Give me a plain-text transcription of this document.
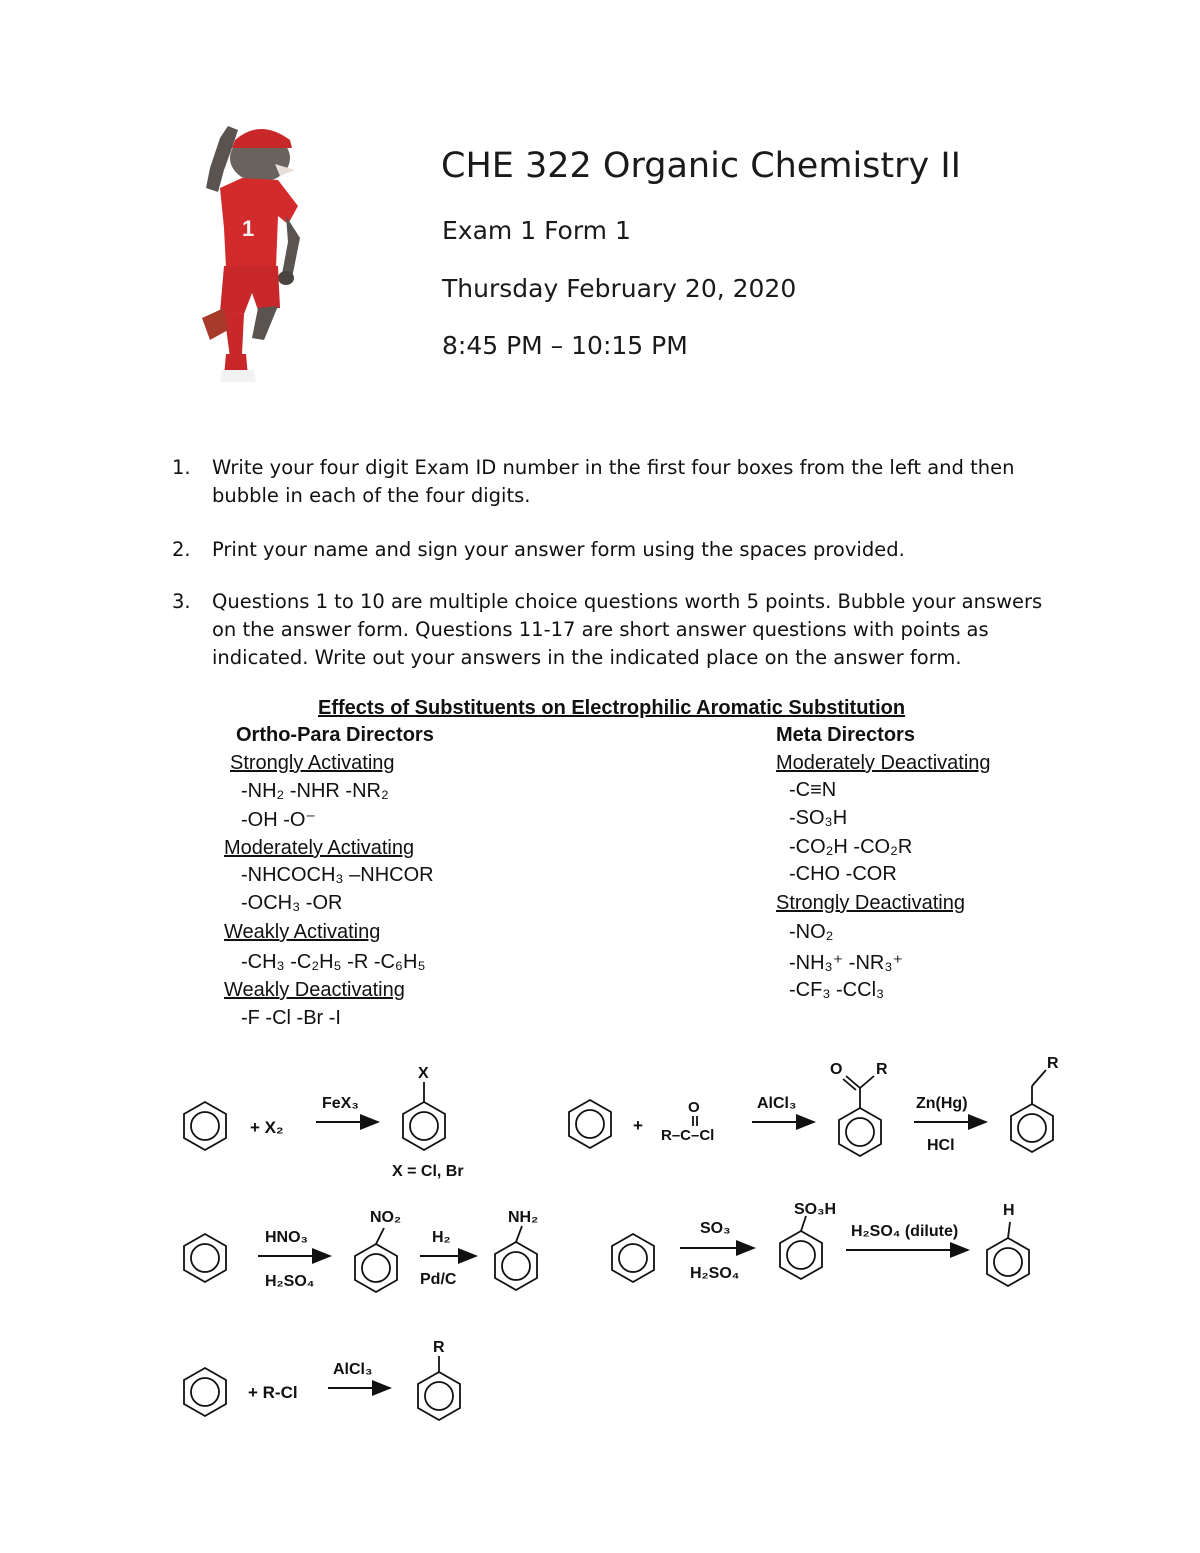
1
CHE 322 Organic Chemistry II
Exam 1 Form 1
Thursday February 20, 2020
8:45 PM – 10:15 PM
1. Write your four digit Exam ID number in the first four boxes from the left and then bubble in each of the four digits.
2. Print your name and sign your answer form using the spaces provided.
3. Questions 1 to 10 are multiple choice questions worth 5 points. Bubble your answers on the answer form. Questions 11-17 are short answer questions with points as indicated. Write out your answers in the indicated place on the answer form.
Effects of Substituents on Electrophilic Aromatic Substitution
Ortho-Para Directors
Strongly Activating
-NH₂ -NHR -NR₂
-OH -O⁻
Moderately Activating
-NHCOCH₃ –NHCOR
-OCH₃ -OR
Weakly Activating
-CH₃ -C₂H₅ -R -C₆H₅
Weakly Deactivating
-F -Cl -Br -I
Meta Directors
Moderately Deactivating
-C≡N
-SO₃H
-CO₂H -CO₂R
-CHO -COR
Strongly Deactivating
-NO₂
-NH₃⁺ -NR₃⁺
-CF₃ -CCl₃
+ X₂
FeX₃
X
X = Cl, Br
+
O
R–C–Cl
AlCl₃
O R
Zn(Hg)
HCl
R
HNO₃
H₂SO₄
NO₂
H₂
Pd/C
NH₂
SO₃
H₂SO₄
SO₃H
H₂SO₄ (dilute)
H
+ R-Cl
AlCl₃
R
